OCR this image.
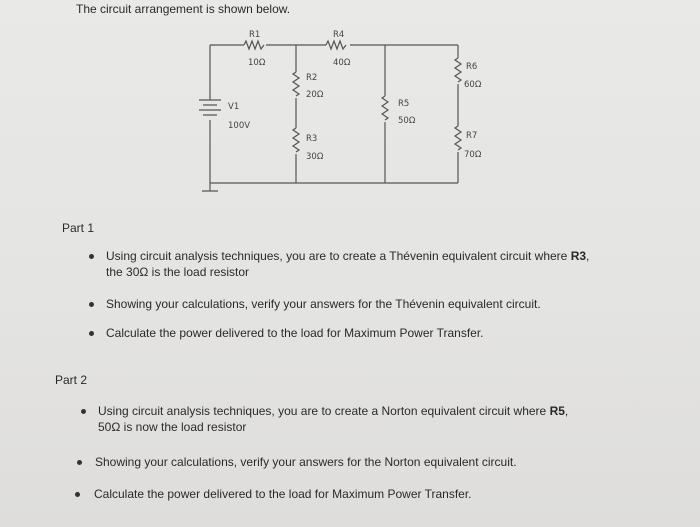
The circuit arrangement is shown below.
R1
10Ω
R4
40Ω
R2
20Ω
R3
30Ω
R5
50Ω
R6
60Ω
R7
70Ω
V1
100V
Part 1
Using circuit analysis techniques, you are to create a Thévenin equivalent circuit where R3,
the 30Ω is the load resistor
Showing your calculations, verify your answers for the Thévenin equivalent circuit.
Calculate the power delivered to the load for Maximum Power Transfer.
Part 2
Using circuit analysis techniques, you are to create a Norton equivalent circuit where R5,
50Ω is now the load resistor
Showing your calculations, verify your answers for the Norton equivalent circuit.
Calculate the power delivered to the load for Maximum Power Transfer.
